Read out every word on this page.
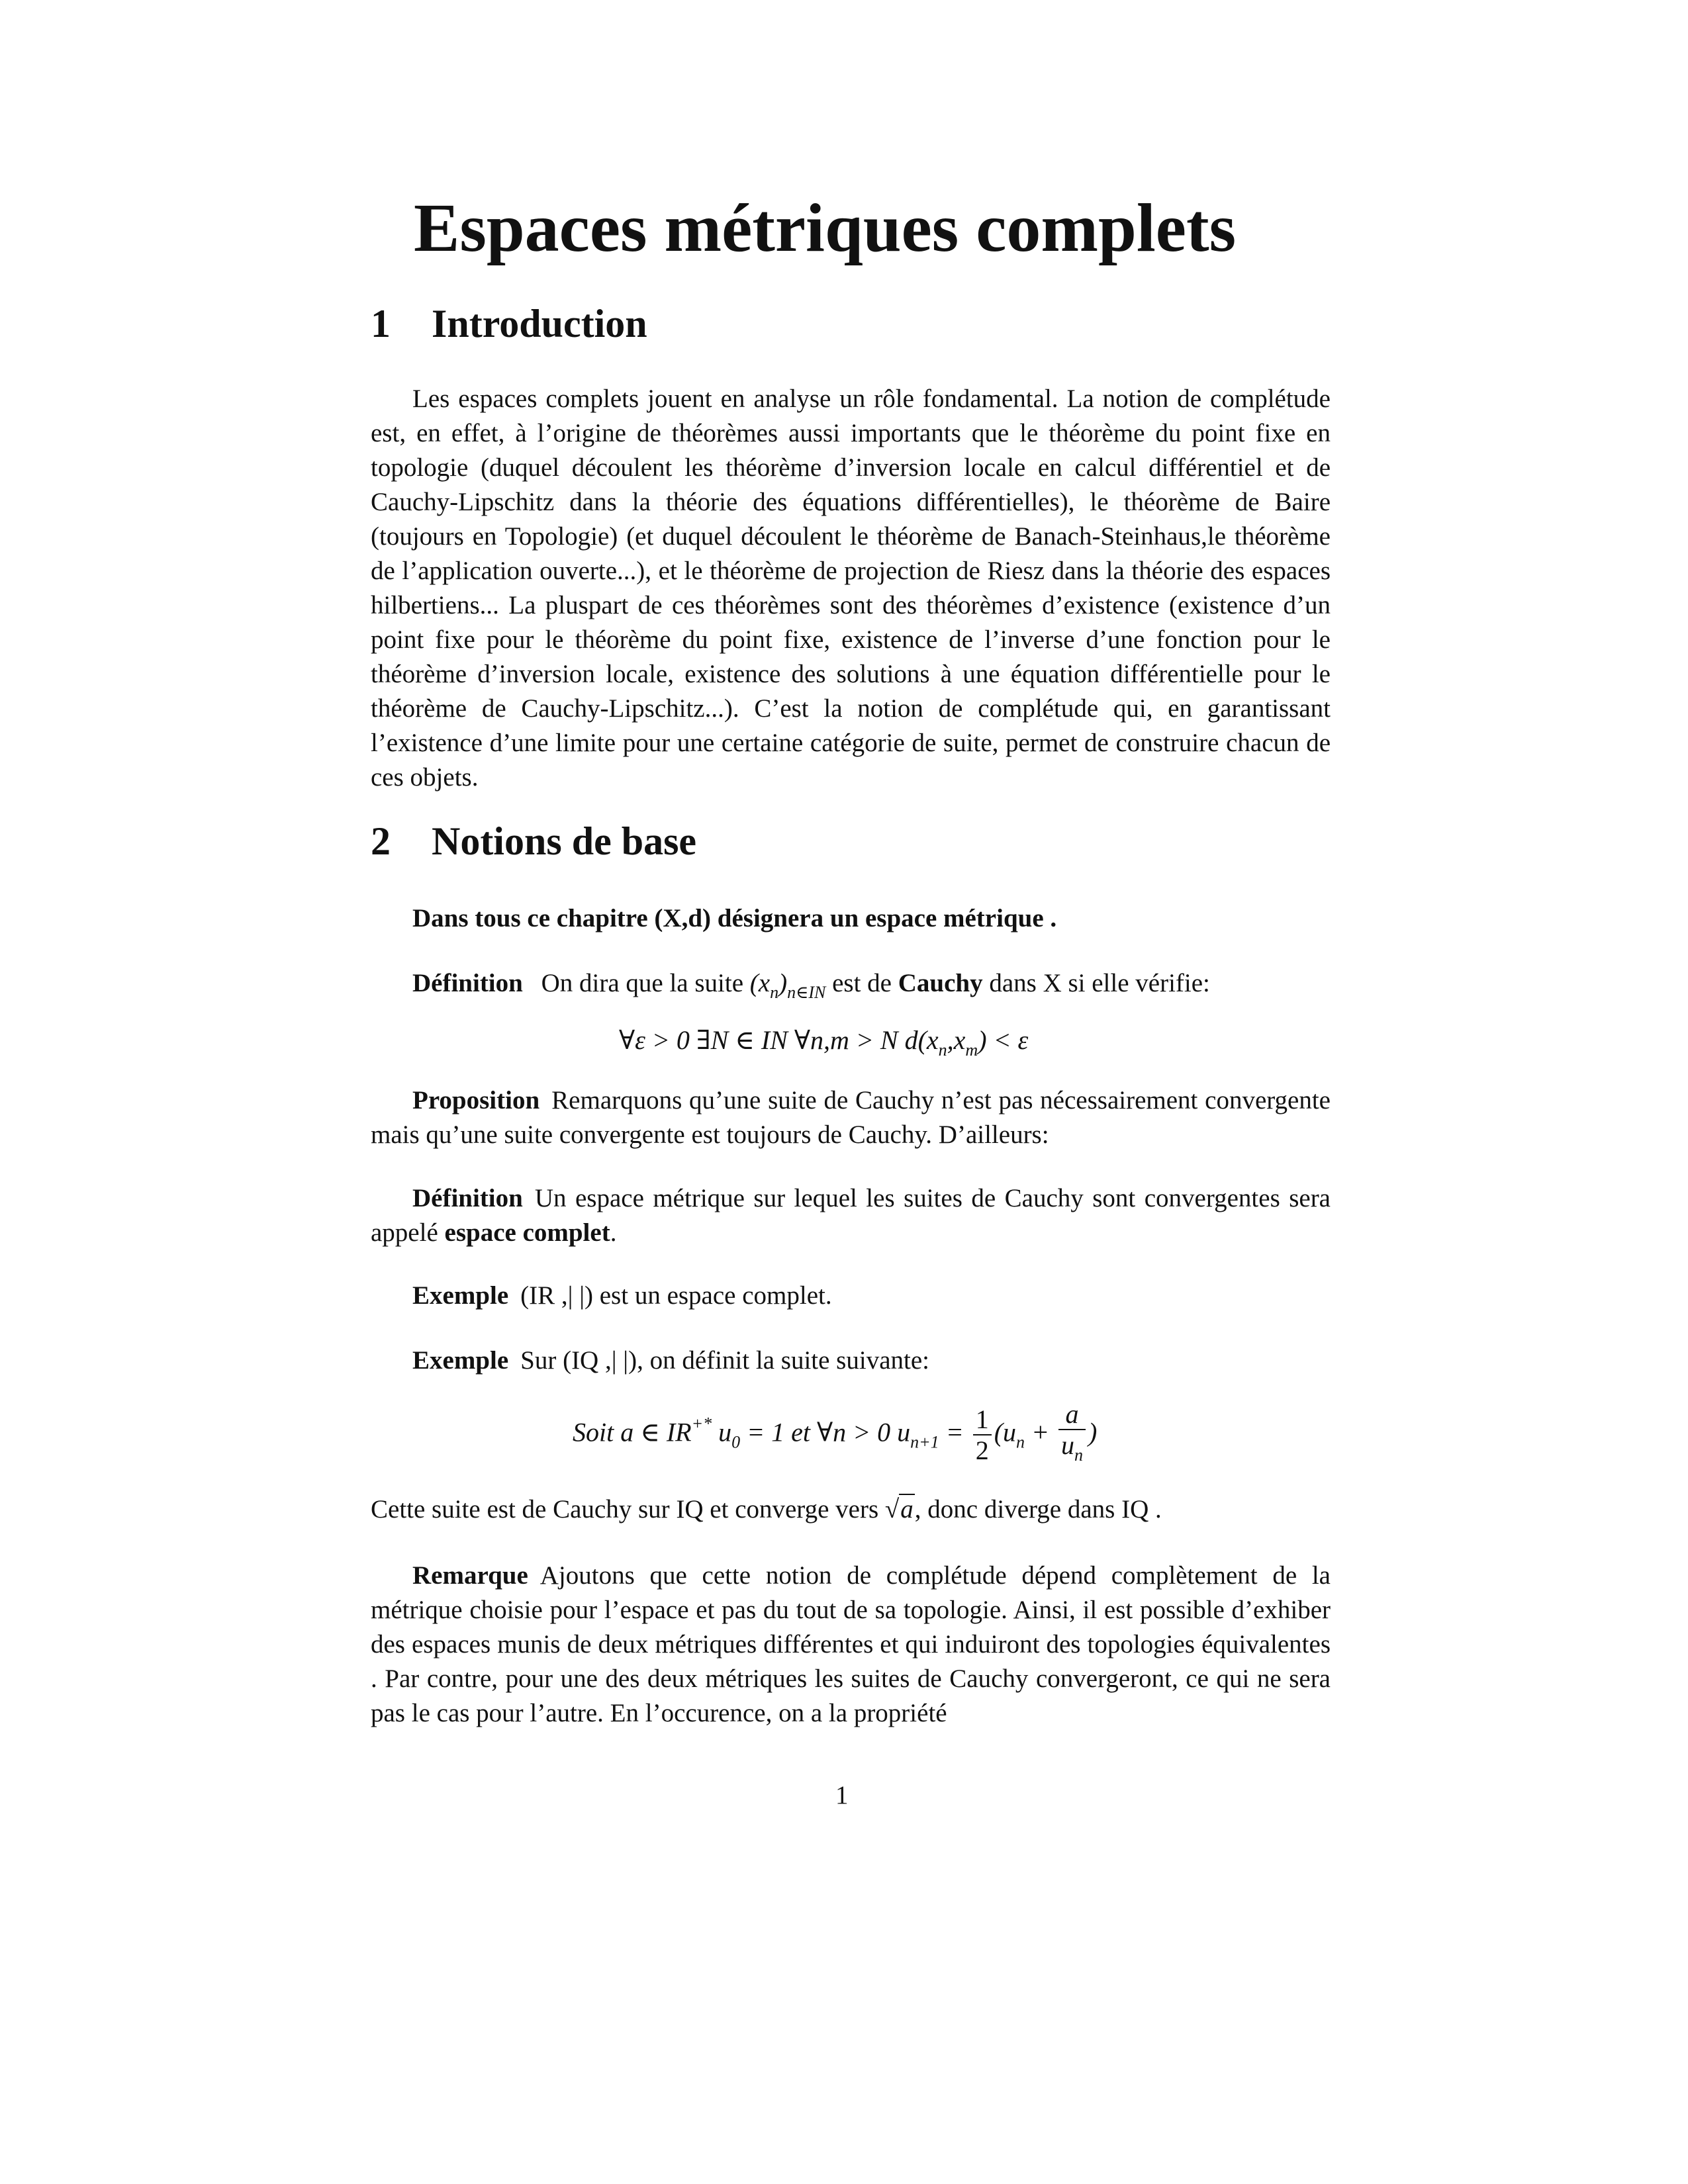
Espaces métriques complets
1 Introduction
Les espaces complets jouent en analyse un rôle fondamental. La notion de complétude est, en effet, à l’origine de théorèmes aussi importants que le théorème du point fixe en topologie (duquel découlent les théorème d’inversion locale en calcul différentiel et de Cauchy-Lipschitz dans la théorie des équations différentielles), le théorème de Baire (toujours en Topologie) (et duquel découlent le théorème de Banach-Steinhaus,le théorème de l’application ouverte...), et le théorème de projection de Riesz dans la théorie des espaces hilbertiens... La pluspart de ces théorèmes sont des théorèmes d’existence (existence d’un point fixe pour le théorème du point fixe, existence de l’inverse d’une fonction pour le théorème d’inversion locale, existence des solutions à une équation différentielle pour le théorème de Cauchy-Lipschitz...). C’est la notion de complétude qui, en garantissant l’existence d’une limite pour une certaine catégorie de suite, permet de construire chacun de ces objets.
2 Notions de base
Dans tous ce chapitre (X,d) désignera un espace métrique .
Définition On dira que la suite $(x_n)_{n\in IN}$ est de Cauchy dans X si elle vérifie:
∀ε > 0 ∃N ∈ IN ∀n,m > N $d(x_n,x_m) < \varepsilon$
Proposition Remarquons qu’une suite de Cauchy n’est pas nécessairement convergente mais qu’une suite convergente est toujours de Cauchy. D’ailleurs:
Définition Un espace métrique sur lequel les suites de Cauchy sont convergentes sera appelé espace complet.
Exemple (IR ,| |) est un espace complet.
Exemple Sur (IQ ,| |), on définit la suite suivante:
Soit a ∈ IR+* $u_0 = 1$ et ∀n > 0 $u_{n+1} = \frac{1}{2} (u_n + \frac{a}{u_n}$ )
Cette suite est de Cauchy sur IQ et converge vers √a, donc diverge dans IQ .
Remarque Ajoutons que cette notion de complétude dépend complètement de la métrique choisie pour l’espace et pas du tout de sa topologie. Ainsi, il est possible d’exhiber des espaces munis de deux métriques différentes et qui induiront des topologies équivalentes . Par contre, pour une des deux métriques les suites de Cauchy convergeront, ce qui ne sera pas le cas pour l’autre. En l’occurence, on a la propriété
1
